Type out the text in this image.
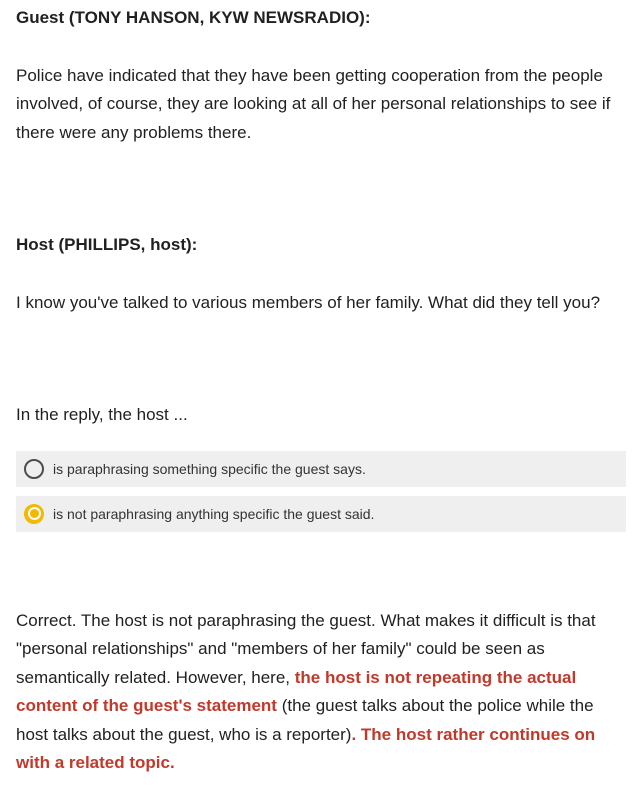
Guest (TONY HANSON, KYW NEWSRADIO):

Police have indicated that they have been getting cooperation from the people involved, of course, they are looking at all of her personal relationships to see if there were any problems there.

Host (PHILLIPS, host):

I know you've talked to various members of her family. What did they tell you?

In the reply, the host ...

is paraphrasing something specific the guest says.
is not paraphrasing anything specific the guest said.

Correct. The host is not paraphrasing the guest. What makes it difficult is that "personal relationships" and "members of her family" could be seen as semantically related. However, here, the host is not repeating the actual content of the guest's statement (the guest talks about the police while the host talks about the guest, who is a reporter). The host rather continues on with a related topic.
